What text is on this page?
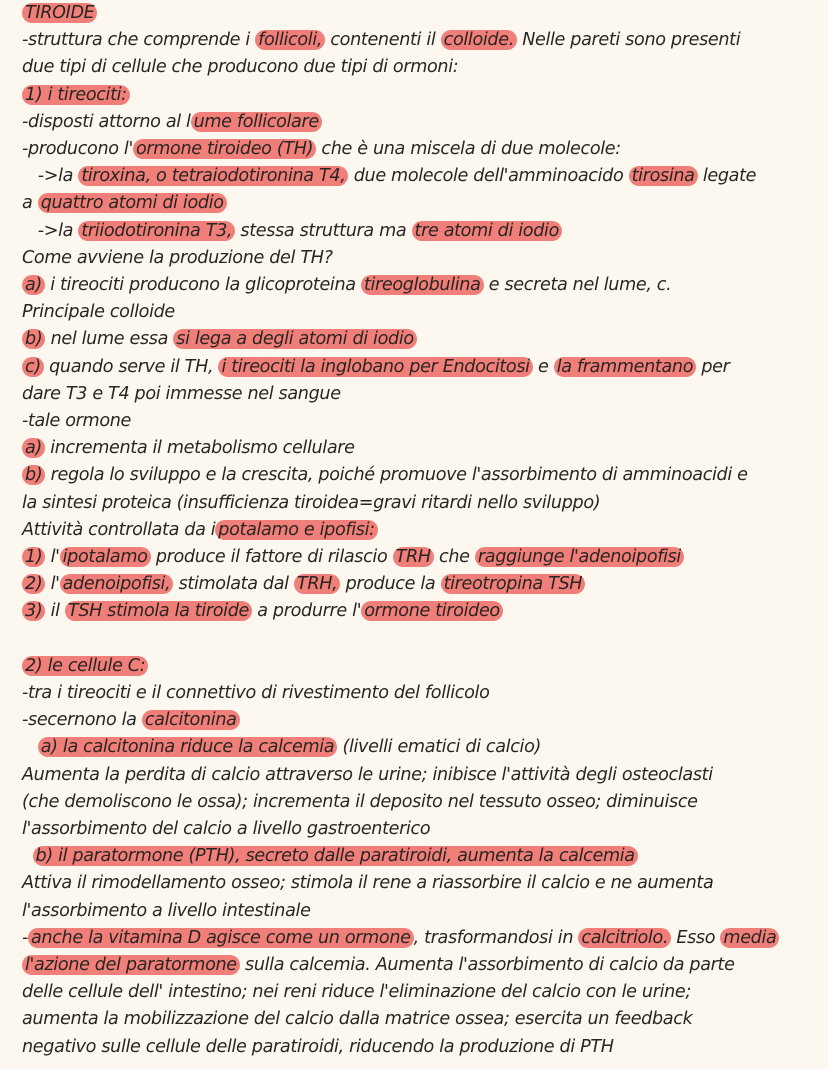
TIROIDE
-struttura che comprende i follicoli, contenenti il colloide. Nelle pareti sono presenti
due tipi di cellule che producono due tipi di ormoni:
1) i tireociti:
-disposti attorno al l ume follicolare
-producono l' ormone tiroideo (TH) che è una miscela di due molecole:
->la tiroxina, o tetraiodotironina T4, due molecole dell'amminoacido tirosina legate
a quattro atomi di iodio
->la triiodotironina T3, stessa struttura ma tre atomi di iodio
Come avviene la produzione del TH?
a) i tireociti producono la glicoproteina tireoglobulina e secreta nel lume, c.
Principale colloide
b) nel lume essa si lega a degli atomi di iodio
c) quando serve il TH, i tireociti la inglobano per Endocitosi e la frammentano per
dare T3 e T4 poi immesse nel sangue
-tale ormone
a) incrementa il metabolismo cellulare
b) regola lo sviluppo e la crescita, poiché promuove l'assorbimento di amminoacidi e
la sintesi proteica (insufficienza tiroidea=gravi ritardi nello sviluppo)
Attività controllata da i potalamo e ipofisi:
1) l' ipotalamo produce il fattore di rilascio TRH che raggiunge l'adenoipofisi
2) l' adenoipofisi, stimolata dal TRH, produce la tireotropina TSH
3) il TSH stimola la tiroide a produrre l' ormone tiroideo
2) le cellule C:
-tra i tireociti e il connettivo di rivestimento del follicolo
-secernono la calcitonina
a) la calcitonina riduce la calcemia (livelli ematici di calcio)
Aumenta la perdita di calcio attraverso le urine; inibisce l'attività degli osteoclasti
(che demoliscono le ossa); incrementa il deposito nel tessuto osseo; diminuisce
l'assorbimento del calcio a livello gastroenterico
b) il paratormone (PTH), secreto dalle paratiroidi, aumenta la calcemia
Attiva il rimodellamento osseo; stimola il rene a riassorbire il calcio e ne aumenta
l'assorbimento a livello intestinale
- anche la vitamina D agisce come un ormone , trasformandosi in calcitriolo. Esso media
l'azione del paratormone sulla calcemia. Aumenta l'assorbimento di calcio da parte
delle cellule dell' intestino; nei reni riduce l'eliminazione del calcio con le urine;
aumenta la mobilizzazione del calcio dalla matrice ossea; esercita un feedback
negativo sulle cellule delle paratiroidi, riducendo la produzione di PTH
